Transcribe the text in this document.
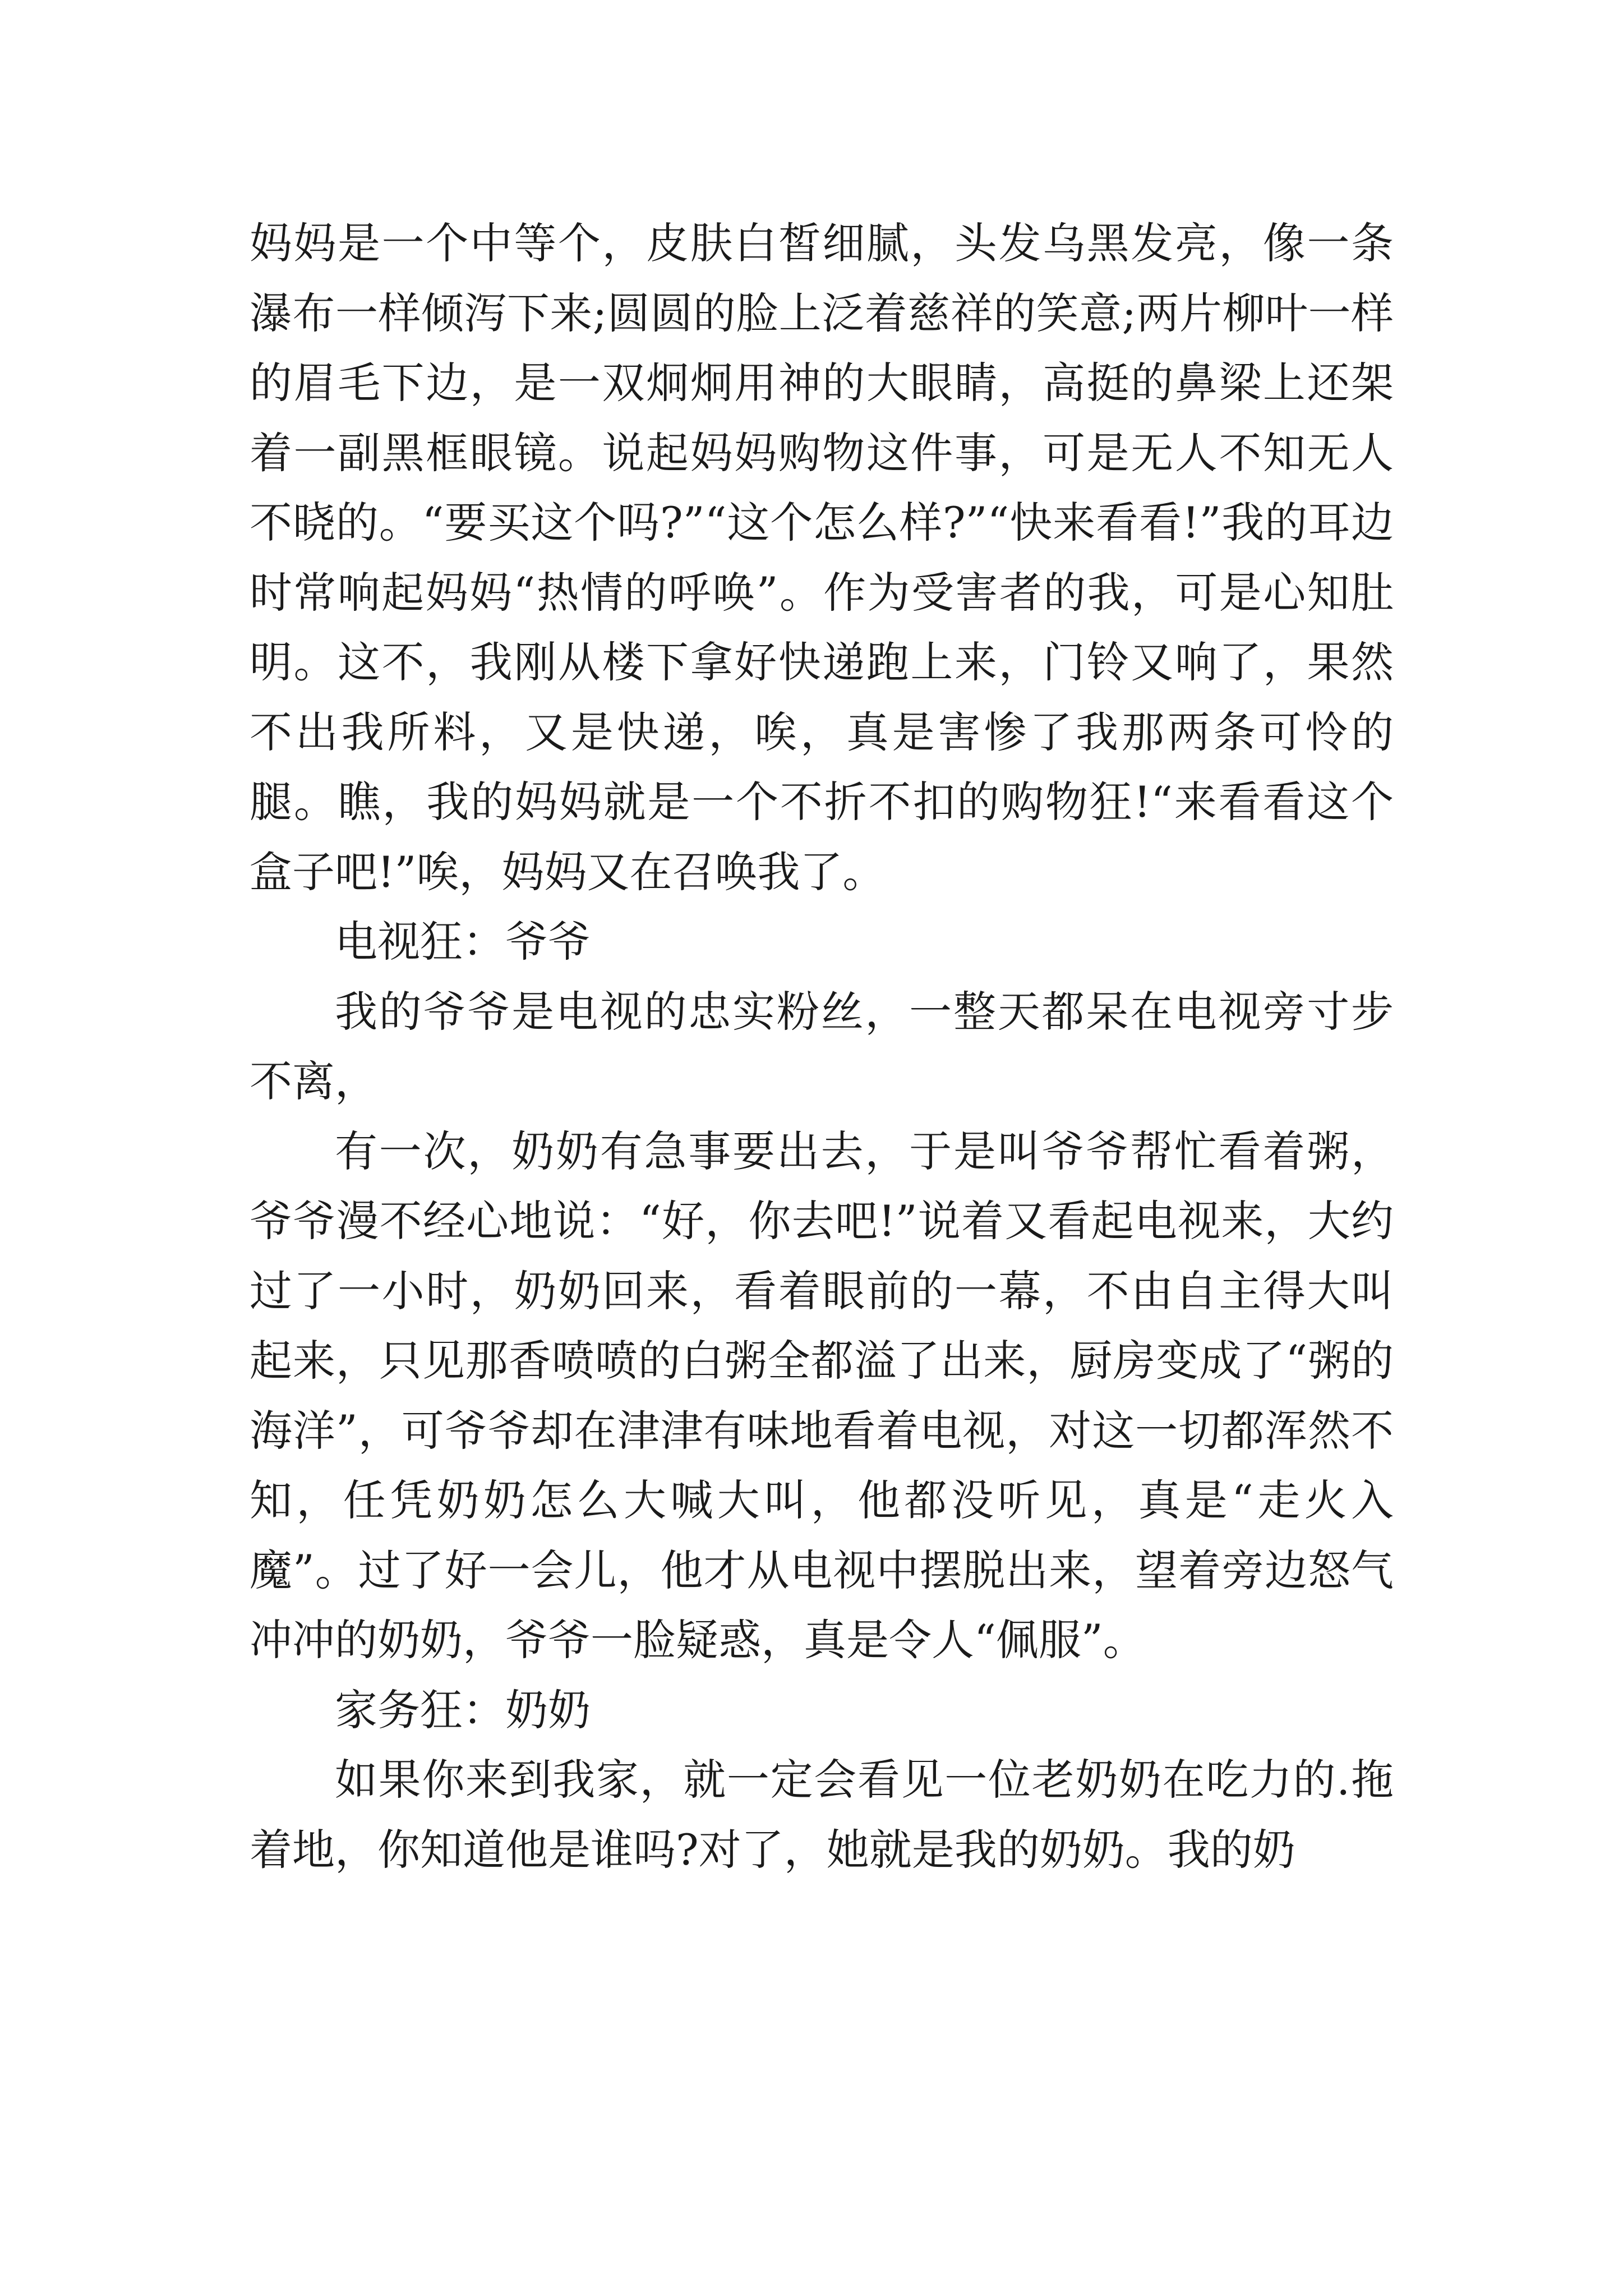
妈妈是一个中等个，皮肤白皙细腻，头发乌黑发亮，像一条瀑布一样倾泻下来;圆圆的脸上泛着慈祥的笑意;两片柳叶一样的眉毛下边，是一双炯炯用神的大眼睛，高挺的鼻梁上还架着一副黑框眼镜。说起妈妈购物这件事，可是无人不知无人不晓的。“要买这个吗?”“这个怎么样?”“快来看看!”我的耳边时常响起妈妈“热情的呼唤”。作为受害者的我，可是心知肚明。这不，我刚从楼下拿好快递跑上来，门铃又响了，果然不出我所料，又是快递，唉，真是害惨了我那两条可怜的腿。瞧，我的妈妈就是一个不折不扣的购物狂!“来看看这个盒子吧!”唉，妈妈又在召唤我了。

电视狂：爷爷

我的爷爷是电视的忠实粉丝，一整天都呆在电视旁寸步不离，

有一次，奶奶有急事要出去，于是叫爷爷帮忙看着粥，爷爷漫不经心地说：“好，你去吧!”说着又看起电视来，大约过了一小时，奶奶回来，看着眼前的一幕，不由自主得大叫起来，只见那香喷喷的白粥全都溢了出来，厨房变成了“粥的海洋”，可爷爷却在津津有味地看着电视，对这一切都浑然不知，任凭奶奶怎么大喊大叫，他都没听见，真是“走火入魔”。过了好一会儿，他才从电视中摆脱出来，望着旁边怒气冲冲的奶奶，爷爷一脸疑惑，真是令人“佩服”。

家务狂：奶奶

如果你来到我家，就一定会看见一位老奶奶在吃力的.拖着地，你知道他是谁吗?对了，她就是我的奶奶。我的奶
